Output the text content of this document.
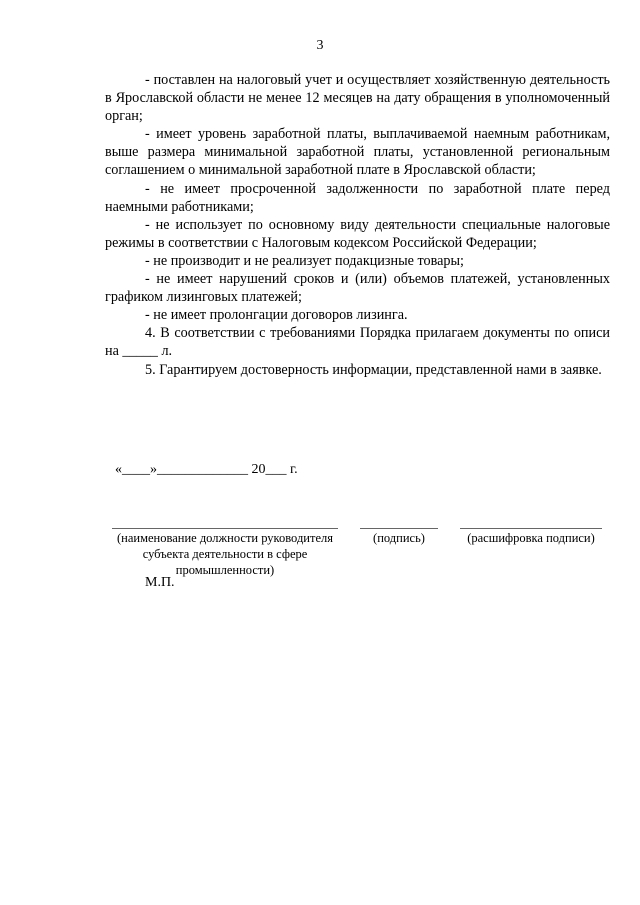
3

- поставлен на налоговый учет и осуществляет хозяйственную деятельность в Ярославской области не менее 12 месяцев на дату обращения в уполномоченный орган;

- имеет уровень заработной платы, выплачиваемой наемным работникам, выше размера минимальной заработной платы, установленной региональным соглашением о минимальной заработной плате в Ярославской области;

- не имеет просроченной задолженности по заработной плате перед наемными работниками;

- не использует по основному виду деятельности специальные налоговые режимы в соответствии с Налоговым кодексом Российской Федерации;

- не производит и не реализует подакцизные товары;

- не имеет нарушений сроков и (или) объемов платежей, установленных графиком лизинговых платежей;

- не имеет пролонгации договоров лизинга.

4. В соответствии с требованиями Порядка прилагаем документы по описи на _____ л.

5. Гарантируем достоверность информации, представленной нами в заявке.

«____»_____________ 20___ г.
(наименование должности руководителя субъекта деятельности в сфере промышленности)
(подпись)	(расшифровка подписи)
М.П.
